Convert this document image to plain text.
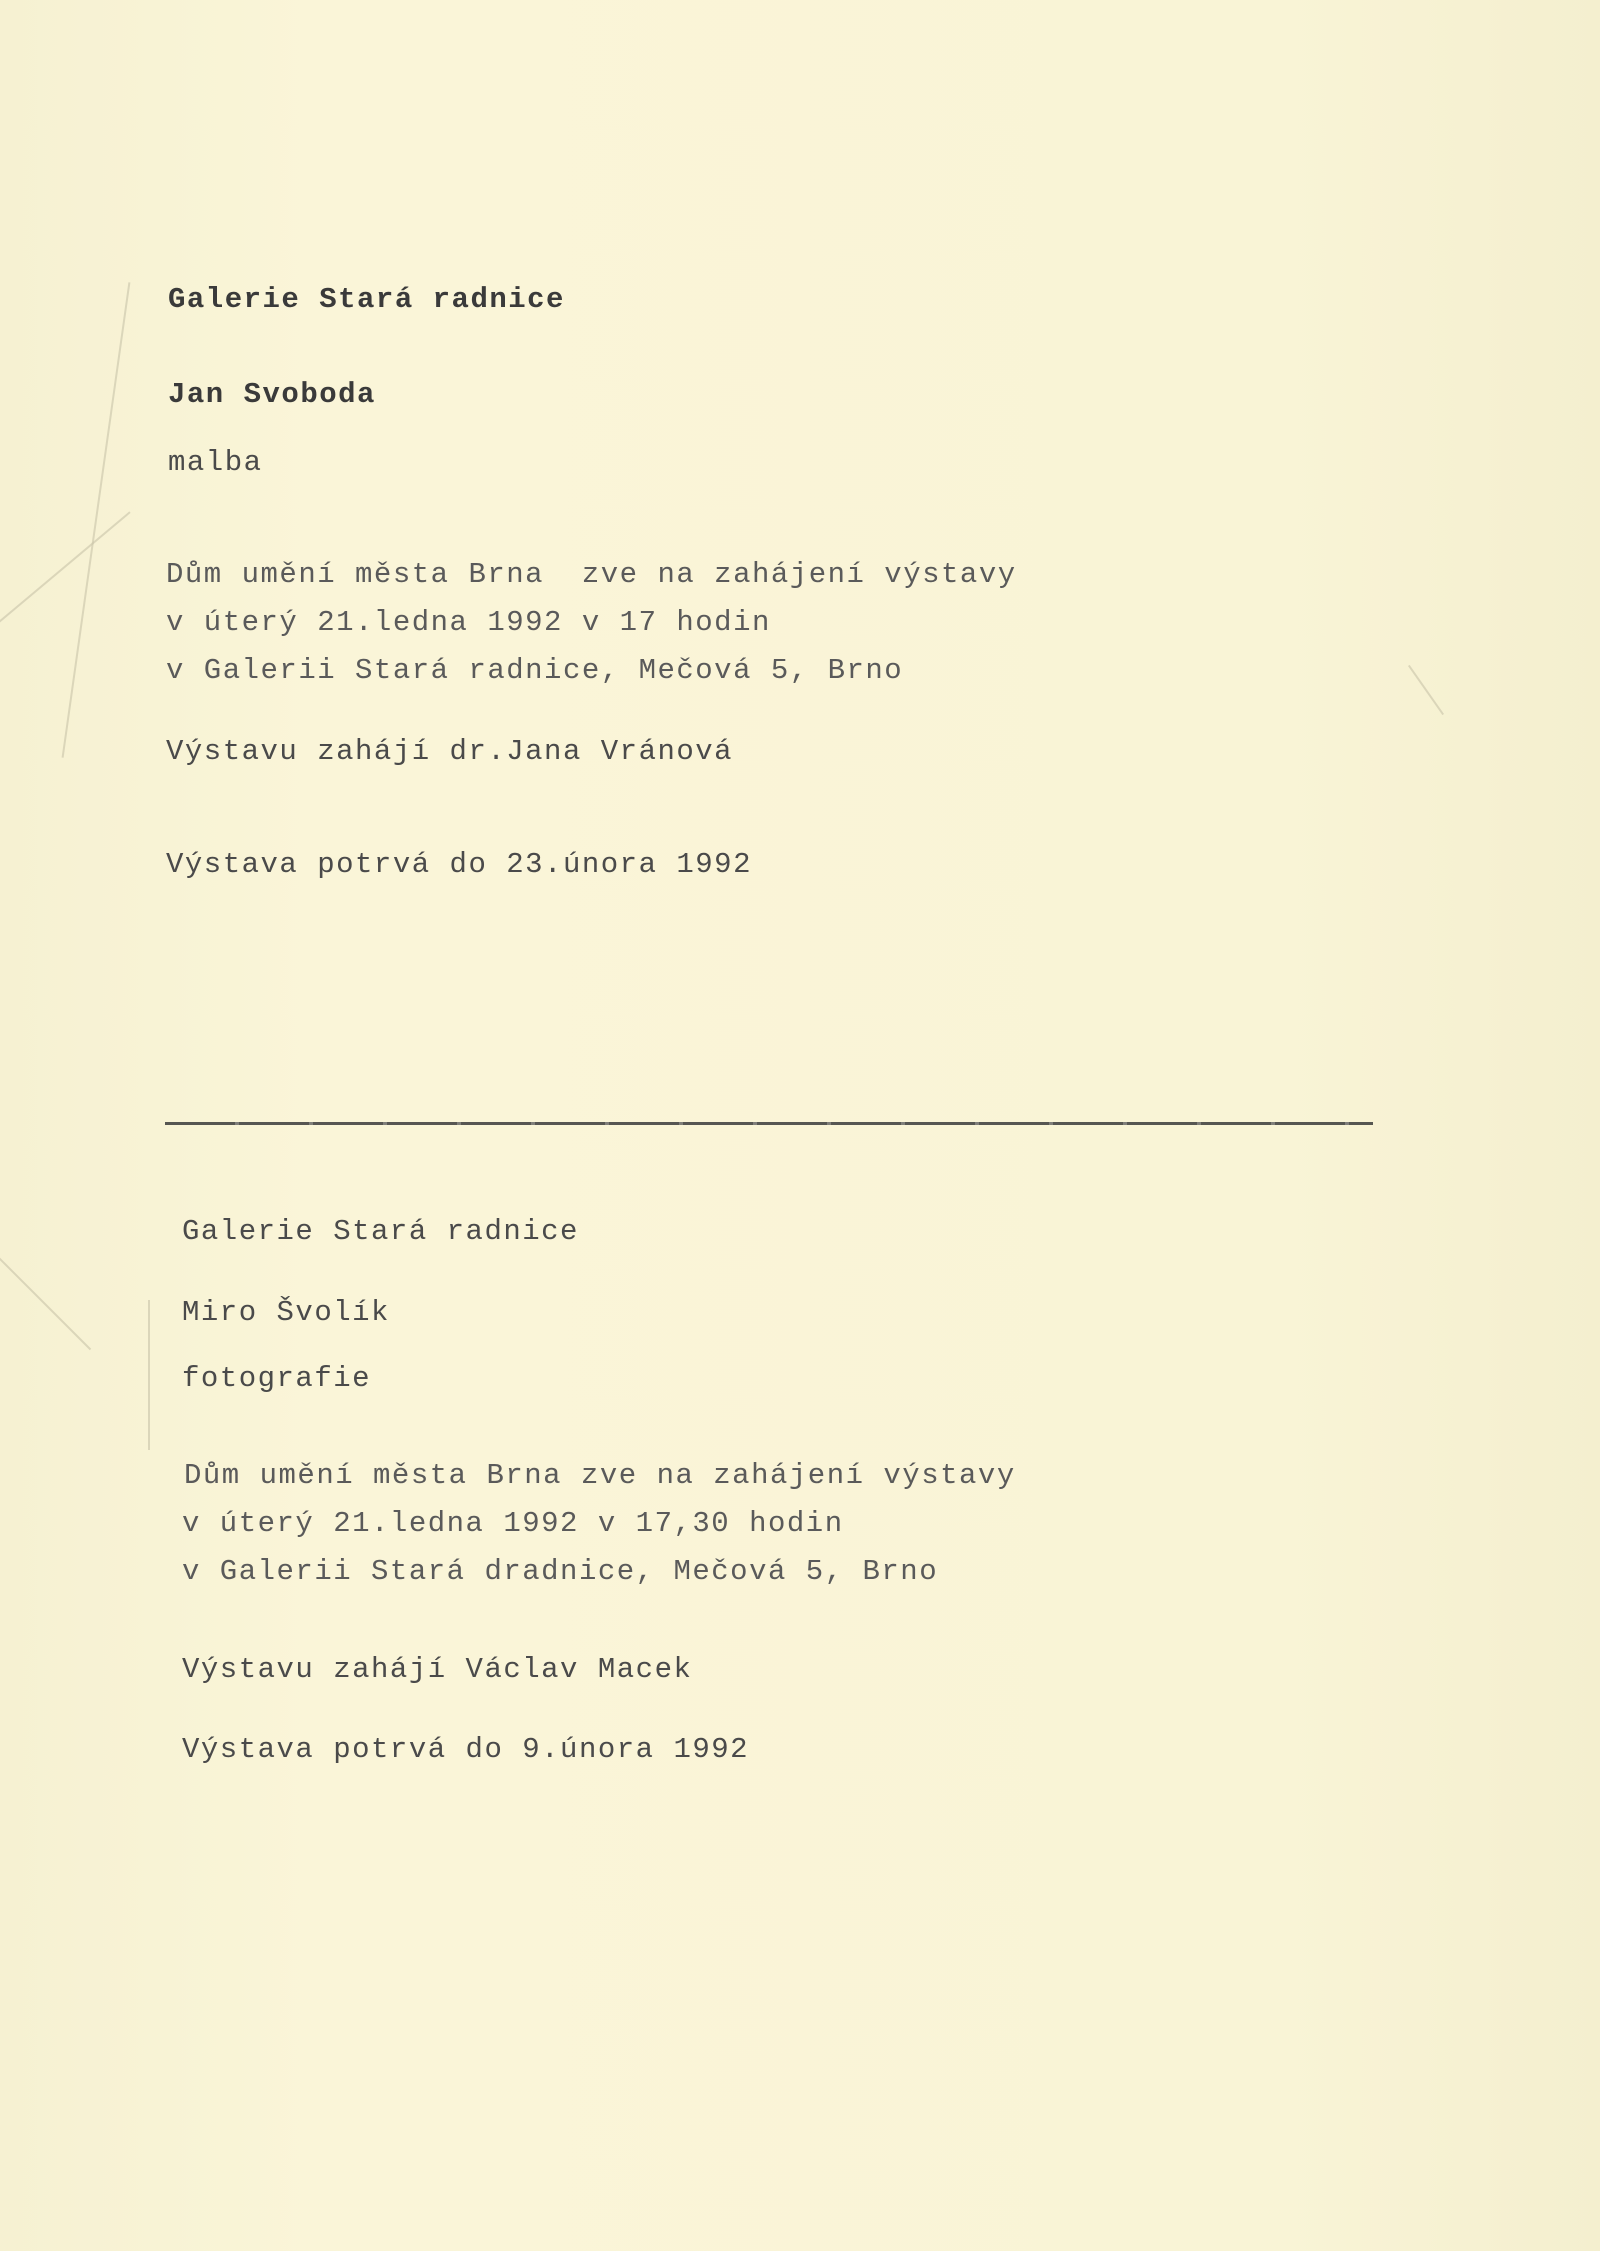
Galerie Stará radnice
Jan Svoboda
malba
Dům umění města Brna  zve na zahájení výstavy
v úterý 21.ledna 1992 v 17 hodin
v Galerii Stará radnice, Mečová 5, Brno
Výstavu zahájí dr.Jana Vránová
Výstava potrvá do 23.února 1992
Galerie Stará radnice
Miro Švolík
fotografie
Dům umění města Brna zve na zahájení výstavy
v úterý 21.ledna 1992 v 17,30 hodin
v Galerii Stará dradnice, Mečová 5, Brno
Výstavu zahájí Václav Macek
Výstava potrvá do 9.února 1992
